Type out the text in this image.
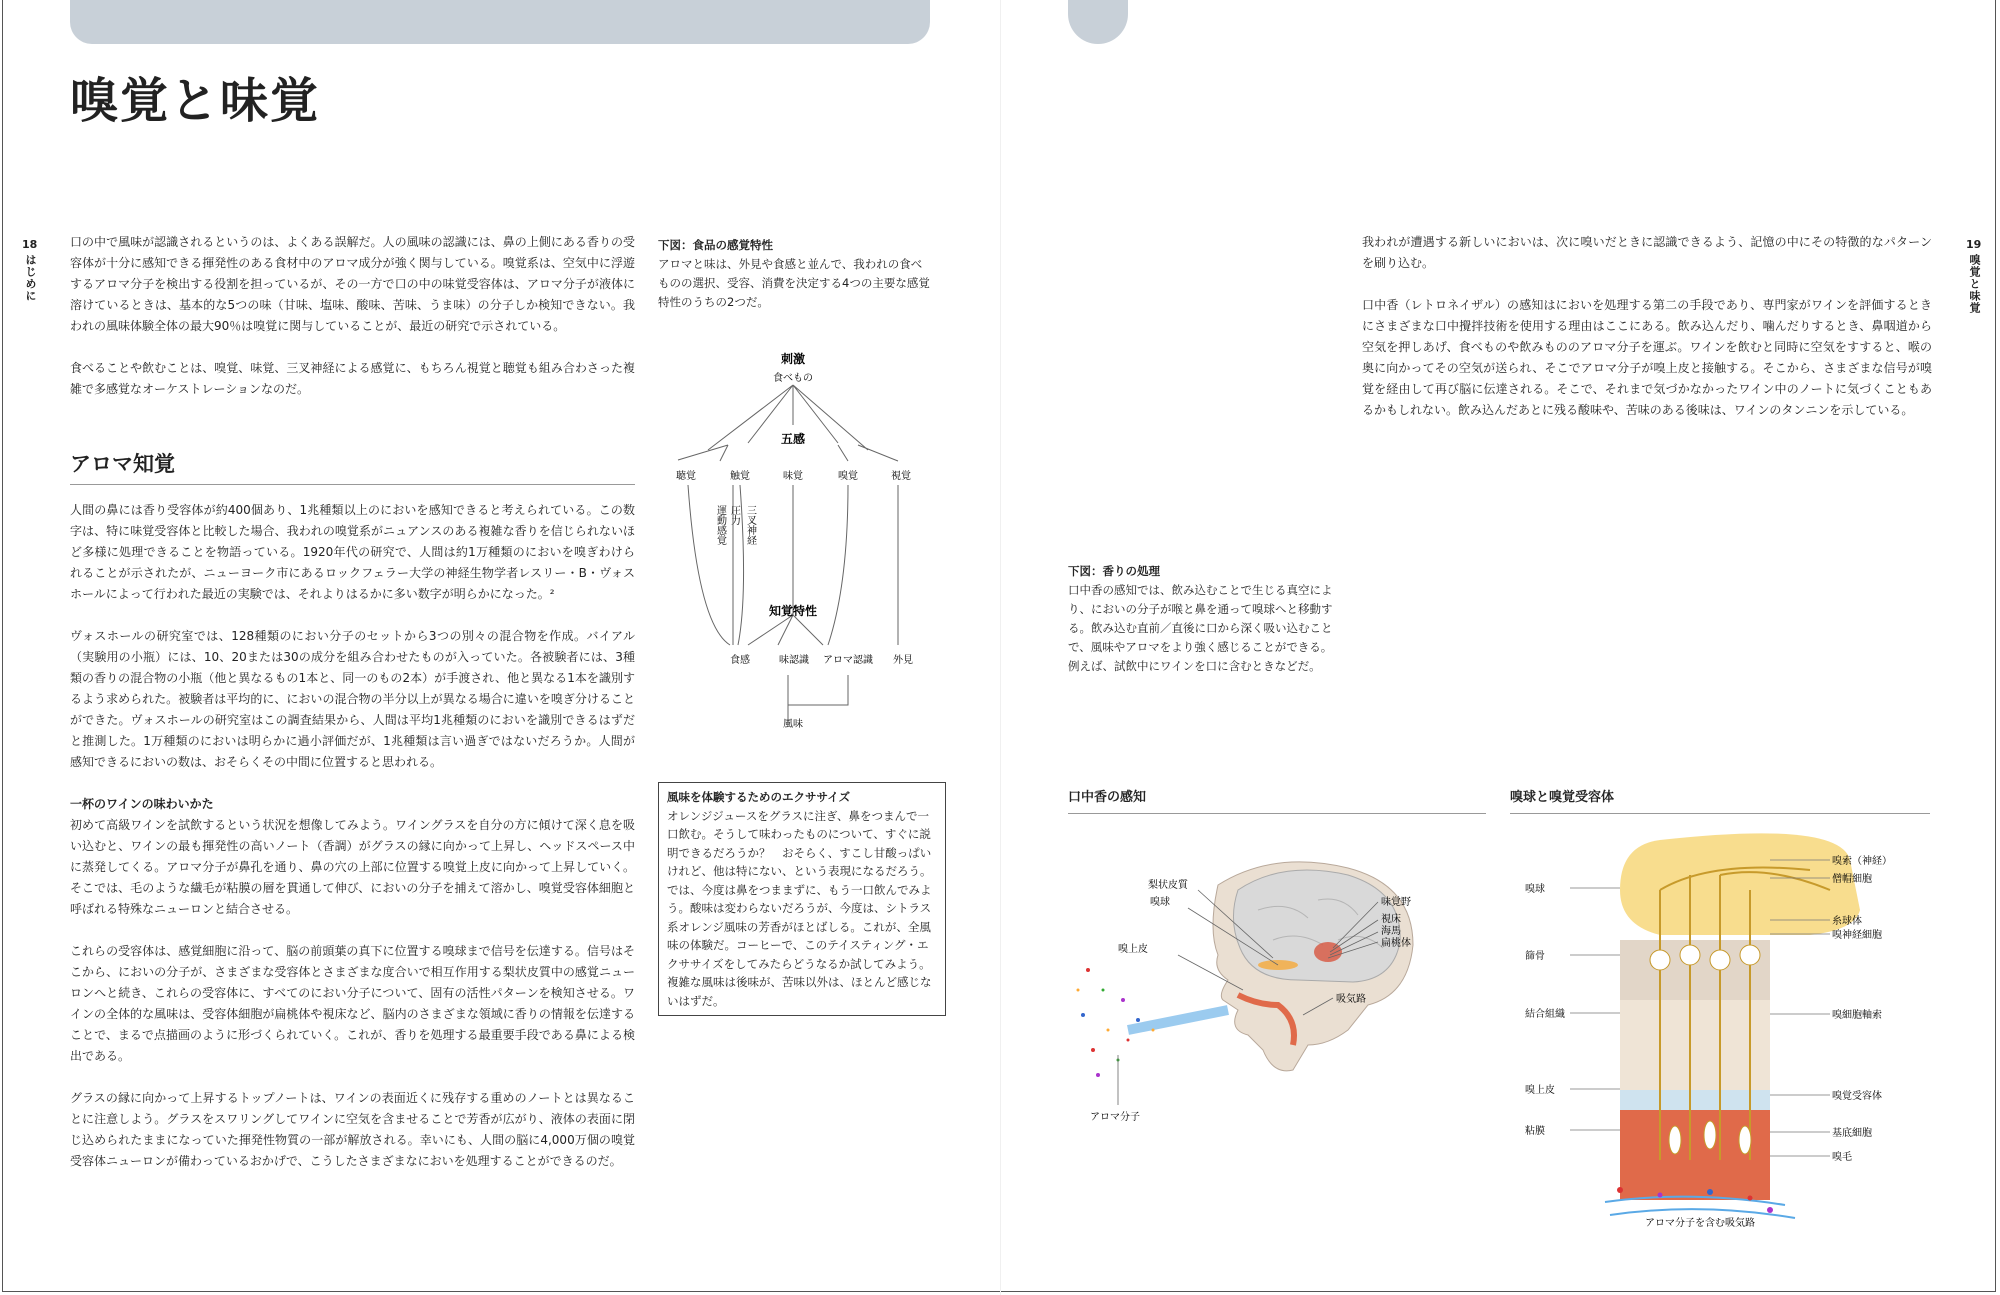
嗅覚と味覚
18
はじめに
19
嗅覚と味覚

口の中で風味が認識されるというのは、よくある誤解だ。人の風味の認識には、鼻の上側にある香りの受容体が十分に感知できる揮発性のある食材中のアロマ成分が強く関与している。嗅覚系は、空気中に浮遊するアロマ分子を検出する役割を担っているが、その一方で口の中の味覚受容体は、アロマ分子が液体に溶けているときは、基本的な5つの味（甘味、塩味、酸味、苦味、うま味）の分子しか検知できない。我われの風味体験全体の最大90％は嗅覚に関与していることが、最近の研究で示されている。

食べることや飲むことは、嗅覚、味覚、三叉神経による感覚に、もちろん視覚と聴覚も組み合わさった複雑で多感覚なオーケストレーションなのだ。

アロマ知覚

人間の鼻には香り受容体が約400個あり、1兆種類以上のにおいを感知できると考えられている。この数字は、特に味覚受容体と比較した場合、我われの嗅覚系がニュアンスのある複雑な香りを信じられないほど多様に処理できることを物語っている。1920年代の研究で、人間は約1万種類のにおいを嗅ぎわけられることが示されたが、ニューヨーク市にあるロックフェラー大学の神経生物学者レスリー・B・ヴォスホールによって行われた最近の実験では、それよりはるかに多い数字が明らかになった。²

ヴォスホールの研究室では、128種類のにおい分子のセットから3つの別々の混合物を作成。バイアル（実験用の小瓶）には、10、20または30の成分を組み合わせたものが入っていた。各被験者には、3種類の香りの混合物の小瓶（他と異なるもの1本と、同一のもの2本）が手渡され、他と異なる1本を識別するよう求められた。被験者は平均的に、においの混合物の半分以上が異なる場合に違いを嗅ぎ分けることができた。ヴォスホールの研究室はこの調査結果から、人間は平均1兆種類のにおいを識別できるはずだと推測した。1万種類のにおいは明らかに過小評価だが、1兆種類は言い過ぎではないだろうか。人間が感知できるにおいの数は、おそらくその中間に位置すると思われる。

一杯のワインの味わいかた

初めて高級ワインを試飲するという状況を想像してみよう。ワイングラスを自分の方に傾けて深く息を吸い込むと、ワインの最も揮発性の高いノート（香調）がグラスの縁に向かって上昇し、ヘッドスペース中に蒸発してくる。アロマ分子が鼻孔を通り、鼻の穴の上部に位置する嗅覚上皮に向かって上昇していく。そこでは、毛のような繊毛が粘膜の層を貫通して伸び、においの分子を捕えて溶かし、嗅覚受容体細胞と呼ばれる特殊なニューロンと結合させる。

これらの受容体は、感覚細胞に沿って、脳の前頭葉の真下に位置する嗅球まで信号を伝達する。信号はそこから、においの分子が、さまざまな受容体とさまざまな度合いで相互作用する梨状皮質中の感覚ニューロンへと続き、これらの受容体に、すべてのにおい分子について、固有の活性パターンを検知させる。ワインの全体的な風味は、受容体細胞が扁桃体や視床など、脳内のさまざまな領域に香りの情報を伝達することで、まるで点描画のように形づくられていく。これが、香りを処理する最重要手段である鼻による検出である。

グラスの縁に向かって上昇するトップノートは、ワインの表面近くに残存する重めのノートとは異なることに注意しよう。グラスをスワリングしてワインに空気を含ませることで芳香が広がり、液体の表面に閉じ込められたままになっていた揮発性物質の一部が解放される。幸いにも、人間の脳に4,000万個の嗅覚受容体ニューロンが備わっているおかげで、こうしたさまざまなにおいを処理することができるのだ。

下図：食品の感覚特性
アロマと味は、外見や食感と並んで、我われの食べものの選択、受容、消費を決定する4つの主要な感覚特性のうちの2つだ。
刺激
食べもの
五感
聴覚	触覚	味覚	嗅覚	視覚
運動感覚 圧力 三叉神経
知覚特性
食感	味認識 アロマ認識 外見
風味
風味を体験するためのエクササイズ
オレンジジュースをグラスに注ぎ、鼻をつまんで一口飲む。そうして味わったものについて、すぐに説明できるだろうか？　おそらく、すこし甘酸っぱいけれど、他は特にない、という表現になるだろう。では、今度は鼻をつままずに、もう一口飲んでみよう。酸味は変わらないだろうが、今度は、シトラス系オレンジ風味の芳香がほとばしる。これが、全風味の体験だ。コーヒーで、このテイスティング・エクササイズをしてみたらどうなるか試してみよう。複雑な風味は後味が、苦味以外は、ほとんど感じないはずだ。

我われが遭遇する新しいにおいは、次に嗅いだときに認識できるよう、記憶の中にその特徴的なパターンを刷り込む。

口中香（レトロネイザル）の感知はにおいを処理する第二の手段であり、専門家がワインを評価するときにさまざまな口中攪拌技術を使用する理由はここにある。飲み込んだり、噛んだりするとき、鼻咽道から空気を押しあげ、食べものや飲みもののアロマ分子を運ぶ。ワインを飲むと同時に空気をすすると、喉の奥に向かってその空気が送られ、そこでアロマ分子が嗅上皮と接触する。そこから、さまざまな信号が嗅覚を経由して再び脳に伝達される。そこで、それまで気づかなかったワイン中のノートに気づくこともあるかもしれない。飲み込んだあとに残る酸味や、苦味のある後味は、ワインのタンニンを示している。

下図：香りの処理
口中香の感知では、飲み込むことで生じる真空により、においの分子が喉と鼻を通って嗅球へと移動する。飲み込む直前／直後に口から深く吸い込むことで、風味やアロマをより強く感じることができる。例えば、試飲中にワインを口に含むときなどだ。
口中香の感知	嗅球と嗅覚受容体
梨状皮質
嗅球
嗅上皮
味覚野
視床
海馬
扁桃体
吸気路
アロマ分子
嗅球
篩骨
結合組織
嗅上皮
粘膜
嗅索（神経）
僧帽細胞
糸球体
嗅神経細胞
嗅細胞軸索
嗅覚受容体
基底細胞
嗅毛
アロマ分子を含む吸気路
